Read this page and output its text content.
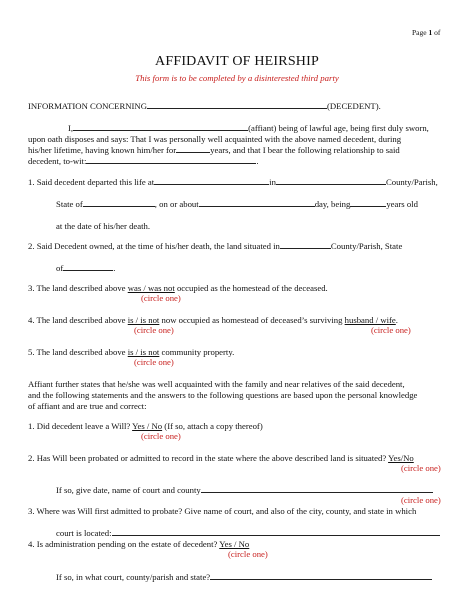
Page 1 of
AFFIDAVIT OF HEIRSHIP
This form is to be completed by a disinterested third party
INFORMATION CONCERNING	(DECEDENT).
I,	(affiant) being of lawful age, being first duly sworn,
upon oath disposes and says: That I was personally well acquainted with the above named decedent, during
his/her lifetime, having known him/her for	years, and that I bear the following relationship to said
decedent, to-wit:	.
1. Said decedent departed this life at	in	County/Parish,
State of	, on or about	day, being	years old
at the date of his/her death.
2. Said Decedent owned, at the time of his/her death, the land situated in	County/Parish, State
of	.
3. The land described above was / was not occupied as the homestead of the deceased.
(circle one)
4. The land described above is / is not now occupied as homestead of deceased’s surviving husband / wife.
(circle one)	(circle one)
5. The land described above is / is not community property.
(circle one)
Affiant further states that he/she was well acquainted with the family and near relatives of the said decedent,
and the following statements and the answers to the following questions are based upon the personal knowledge
of affiant and are true and correct:
1. Did decedent leave a Will? Yes / No (If so, attach a copy thereof)
(circle one)
2. Has Will been probated or admitted to record in the state where the above described land is situated? Yes/No
(circle one)
If so, give date, name of court and county
(circle one)
3. Where was Will first admitted to probate? Give name of court, and also of the city, county, and state in which
court is located:
4. Is administration pending on the estate of decedent? Yes / No
(circle one)
If so, in what court, county/parish and state?
